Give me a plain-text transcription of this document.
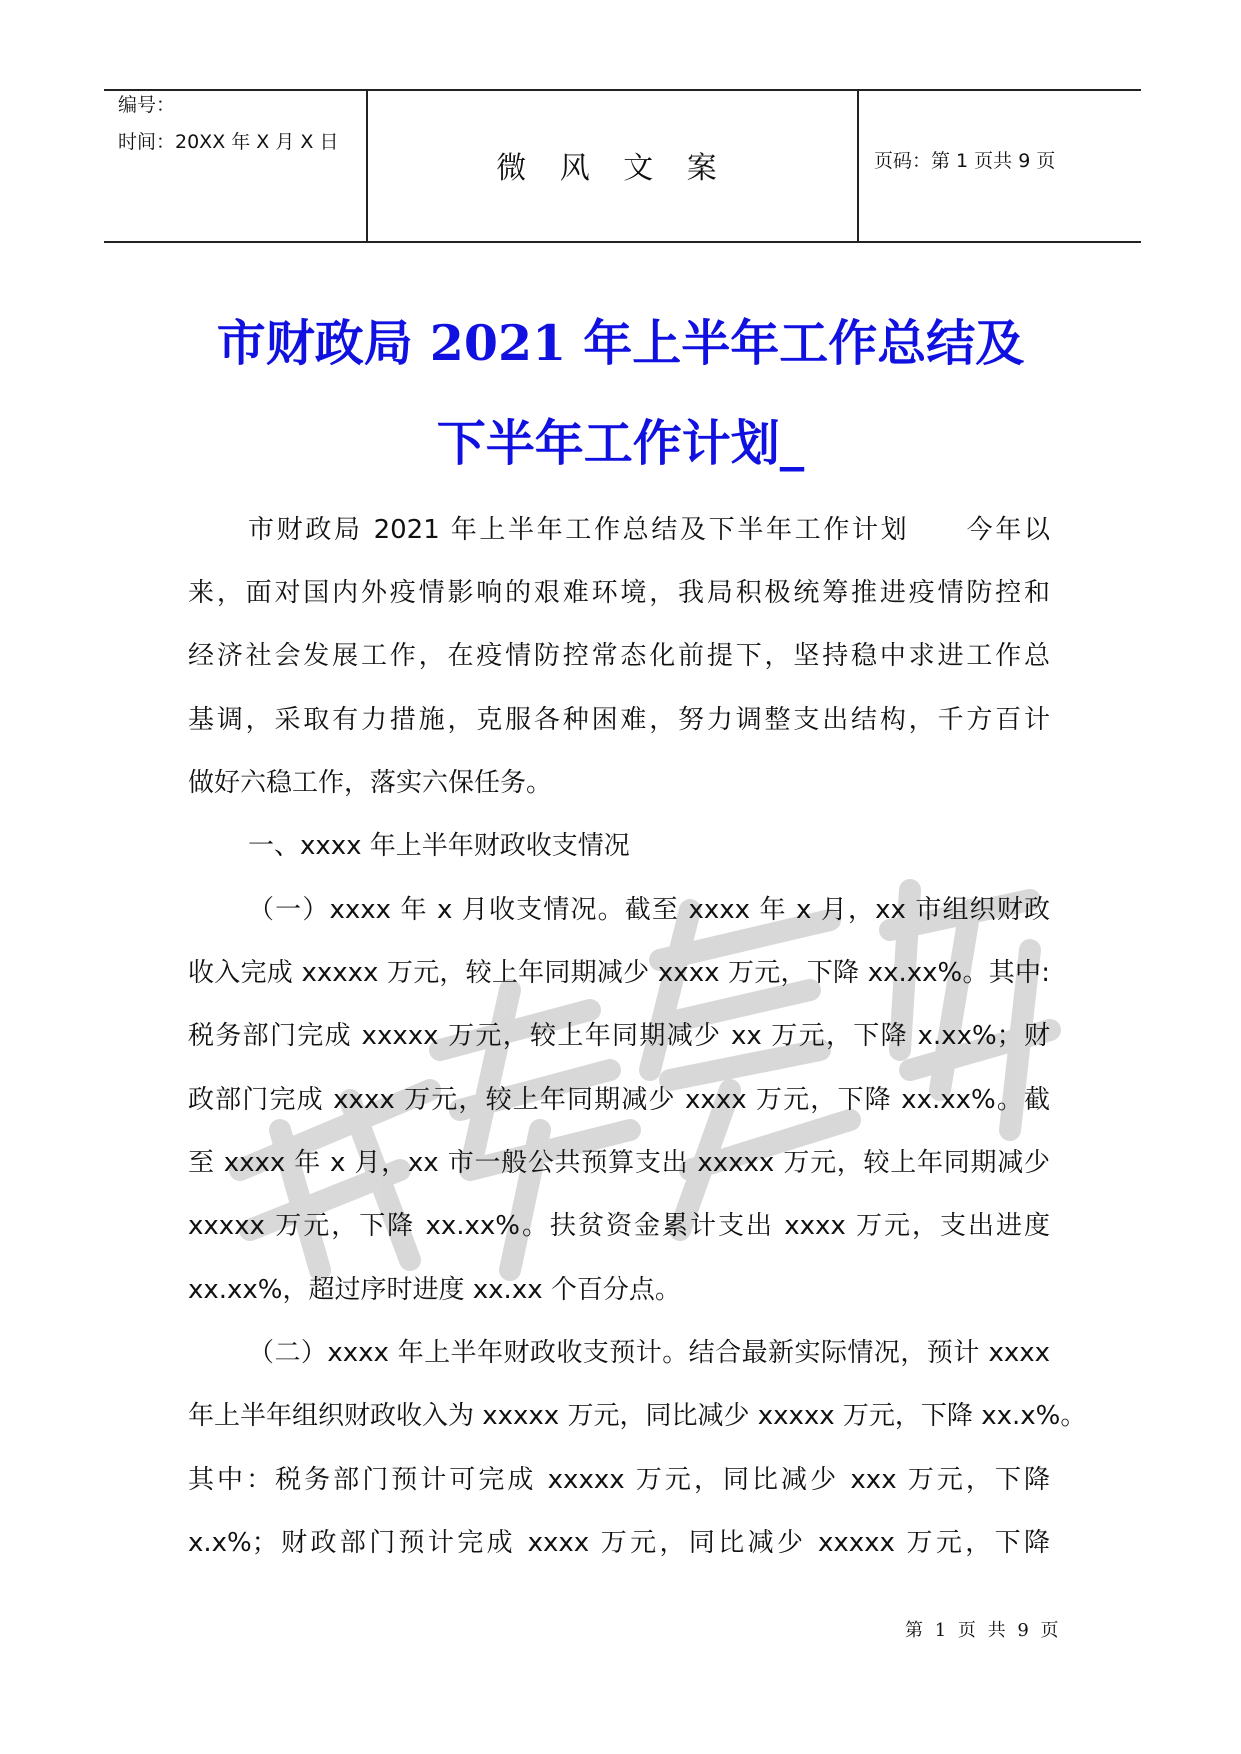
编号：
时间：20XX 年 X 月 X 日
微 风 文 案	页码：第 1 页共 9 页
市财政局 2021 年上半年工作总结及
下半年工作计划_
市财政局 2021 年上半年工作总结及下半年工作计划　　今年以
来，面对国内外疫情影响的艰难环境，我局积极统筹推进疫情防控和
经济社会发展工作，在疫情防控常态化前提下，坚持稳中求进工作总
基调，采取有力措施，克服各种困难，努力调整支出结构，千方百计
做好六稳工作，落实六保任务。
一、xxxx 年上半年财政收支情况
（一）xxxx 年 x 月收支情况。截至 xxxx 年 x 月，xx 市组织财政
收入完成 xxxxx 万元，较上年同期减少 xxxx 万元，下降 xx.xx%。其中:
税务部门完成 xxxxx 万元，较上年同期减少 xx 万元，下降 x.xx%；财
政部门完成 xxxx 万元，较上年同期减少 xxxx 万元，下降 xx.xx%。截
至 xxxx 年 x 月，xx 市一般公共预算支出 xxxxx 万元，较上年同期减少
xxxxx 万元，下降 xx.xx%。扶贫资金累计支出 xxxx 万元，支出进度
xx.xx%，超过序时进度 xx.xx 个百分点。
（二）xxxx 年上半年财政收支预计。结合最新实际情况，预计 xxxx
年上半年组织财政收入为 xxxxx 万元，同比减少 xxxxx 万元，下降 xx.x%。
其中：税务部门预计可完成 xxxxx 万元，同比减少 xxx 万元，下降
x.x%；财政部门预计完成 xxxx 万元，同比减少 xxxxx 万元，下降
第 1 页 共 9 页
